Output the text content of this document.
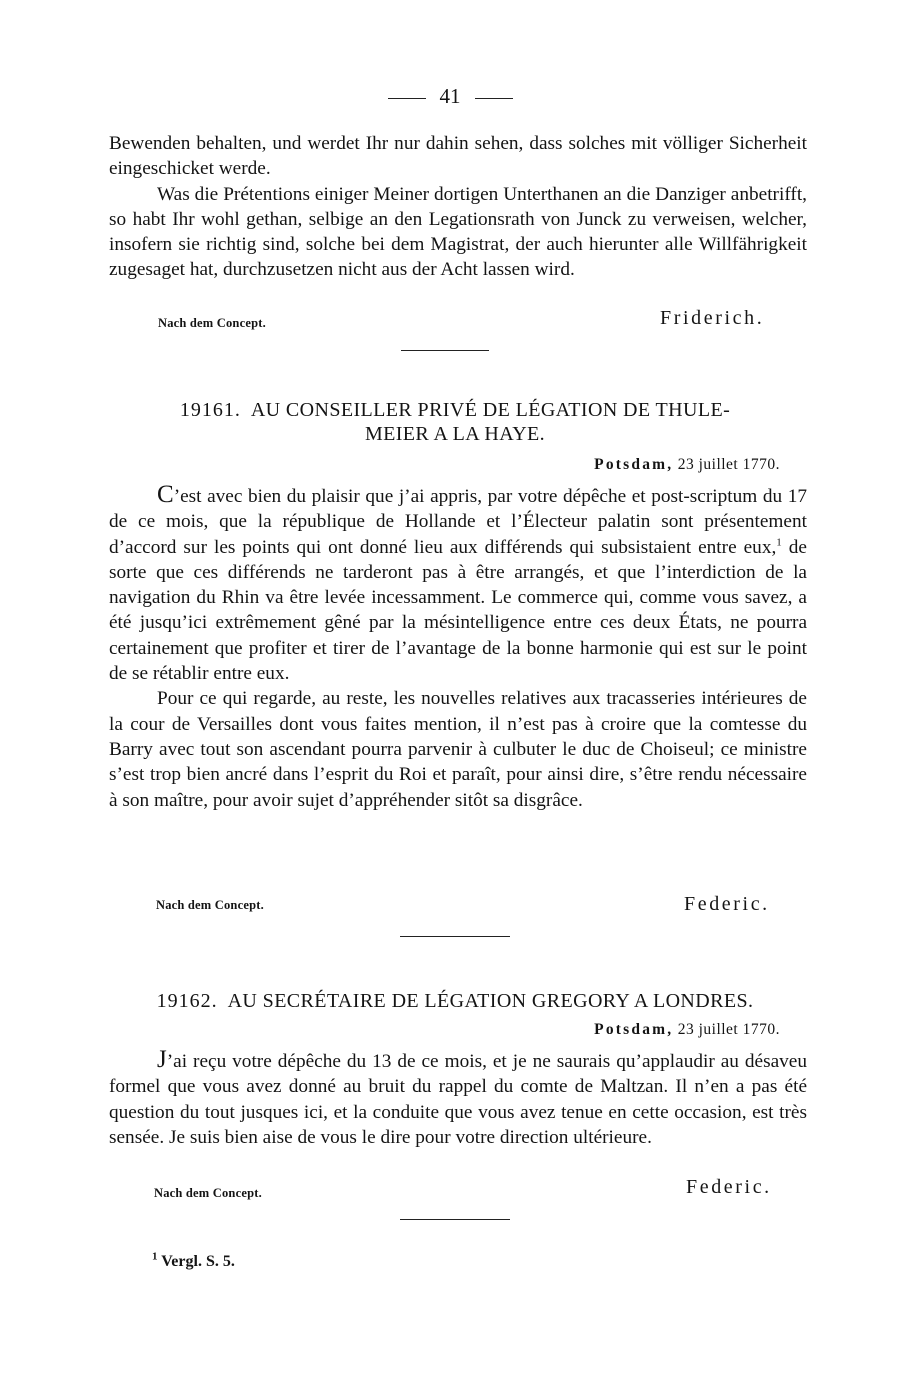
41

Bewenden behalten, und werdet Ihr nur dahin sehen, dass solches mit völliger Sicherheit eingeschicket werde.

Was die Prétentions einiger Meiner dortigen Unterthanen an die Danziger anbetrifft, so habt Ihr wohl gethan, selbige an den Legationsrath von Junck zu verweisen, welcher, insofern sie richtig sind, solche bei dem Magistrat, der auch hierunter alle Willfährigkeit zugesaget hat, durchzusetzen nicht aus der Acht lassen wird.

Nach dem Concept.	Friderich.
19161. AU CONSEILLER PRIVÉ DE LÉGATION DE THULE-
MEIER A LA HAYE.
Potsdam, 23 juillet 1770.

C’est avec bien du plaisir que j’ai appris, par votre dépêche et post-scriptum du 17 de ce mois, que la république de Hollande et l’Électeur palatin sont présentement d’accord sur les points qui ont donné lieu aux différends qui subsistaient entre eux,$^1$ de sorte que ces différends ne tarderont pas à être arrangés, et que l’interdiction de la navigation du Rhin va être levée incessamment. Le commerce qui, comme vous savez, a été jusqu’ici extrêmement gêné par la mésintelligence entre ces deux États, ne pourra certainement que profiter et tirer de l’avantage de la bonne harmonie qui est sur le point de se rétablir entre eux.

Pour ce qui regarde, au reste, les nouvelles relatives aux tracasseries intérieures de la cour de Versailles dont vous faites mention, il n’est pas à croire que la comtesse du Barry avec tout son ascendant pourra parvenir à culbuter le duc de Choiseul; ce ministre s’est trop bien ancré dans l’esprit du Roi et paraît, pour ainsi dire, s’être rendu nécessaire à son maître, pour avoir sujet d’appréhender sitôt sa disgrâce.

Nach dem Concept.	Federic.
19162. AU SECRÉTAIRE DE LÉGATION GREGORY A LONDRES.
Potsdam, 23 juillet 1770.

J’ai reçu votre dépêche du 13 de ce mois, et je ne saurais qu’applaudir au désaveu formel que vous avez donné au bruit du rappel du comte de Maltzan. Il n’en a pas été question du tout jusques ici, et la conduite que vous avez tenue en cette occasion, est très sensée. Je suis bien aise de vous le dire pour votre direction ultérieure.

Nach dem Concept.	Federic.
$^1$ Vergl. S. 5.
